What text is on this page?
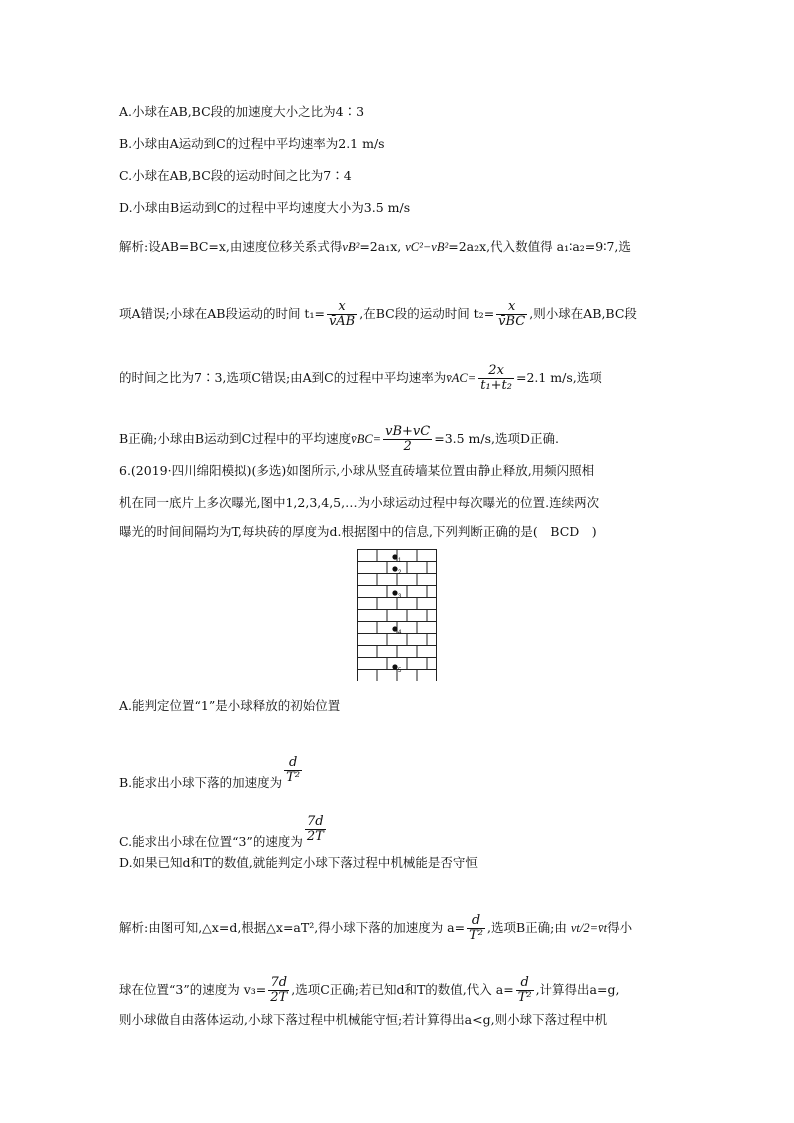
A.小球在AB,BC段的加速度大小之比为4∶3
B.小球由A运动到C的过程中平均速率为2.1 m/s
C.小球在AB,BC段的运动时间之比为7∶4
D.小球由B运动到C的过程中平均速度大小为3.5 m/s
解析:设AB=BC=x,由速度位移关系式得vB²=2a₁x, vC²−vB²=2a₂x,代入数值得 a₁∶a₂=9∶7,选
项A错误;小球在AB段运动的时间 $t_1= \frac{x}{v̄AB}$ ,在BC段的运动时间 $t_2= \frac{x}{v̄BC}$ ,则小球在AB,BC段
的时间之比为7∶3,选项C错误;由A到C的过程中平均速率为v̄AC= $\frac{2x}{\text{t₁+t₂}} =2.1$ m/s,选项
B正确;小球由B运动到C过程中的平均速度v̄BC= $\frac{vB+vC}{2} =3.5$ m/s,选项D正确.
6.(2019·四川绵阳模拟)(多选)如图所示,小球从竖直砖墙某位置由静止释放,用频闪照相
机在同一底片上多次曝光,图中1,2,3,4,5,…为小球运动过程中每次曝光的位置.连续两次
曝光的时间间隔均为T,每块砖的厚度为d.根据图中的信息,下列判断正确的是(　BCD　)
1
2
3
4
5
A.能判定位置“1”是小球释放的初始位置
B.能求出小球下落的加速度为 $\frac{d}{\text{T²}}$
C.能求出小球在位置“3”的速度为 $\frac{7d}{2T}$
D.如果已知d和T的数值,就能判定小球下落过程中机械能是否守恒
解析:由图可知,△x=d,根据△x=aT²,得小球下落的加速度为 $a= \frac{d}{\text{T²}}$ ,选项B正确;由 vt/2=v̄t得小
球在位置“3”的速度为 $v_3= \frac{7d}{2T}$ ,选项C正确;若已知d和T的数值,代入 $a= \frac{d}{\text{T²}}$ ,计算得出a=g,
则小球做自由落体运动,小球下落过程中机械能守恒;若计算得出a<g,则小球下落过程中机
